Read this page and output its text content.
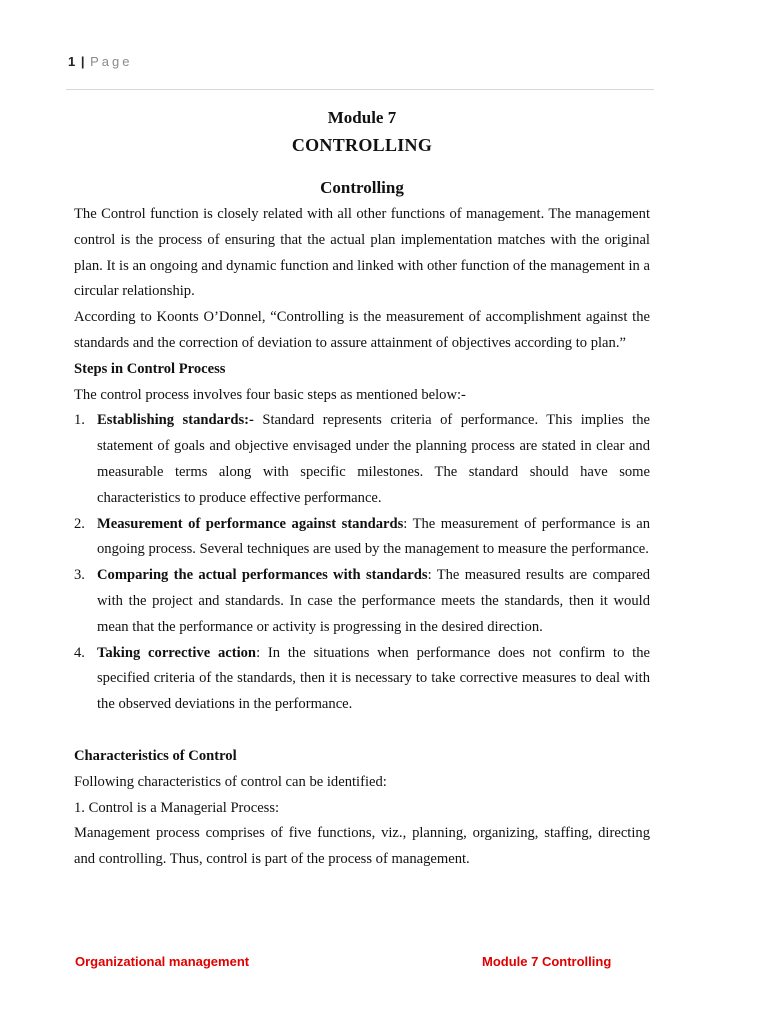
1 | Page
Module 7
CONTROLLING
Controlling

The Control function is closely related with all other functions of management. The management control is the process of ensuring that the actual plan implementation matches with the original plan. It is an ongoing and dynamic function and linked with other function of the management in a circular relationship.

According to Koonts O’Donnel, “Controlling is the measurement of accomplishment against the standards and the correction of deviation to assure attainment of objectives according to plan.”

Steps in Control Process

The control process involves four basic steps as mentioned below:-

1. Establishing standards:- Standard represents criteria of performance. This implies the statement of goals and objective envisaged under the planning process are stated in clear and measurable terms along with specific milestones. The standard should have some characteristics to produce effective performance.
2. Measurement of performance against standards: The measurement of performance is an ongoing process. Several techniques are used by the management to measure the performance.
3. Comparing the actual performances with standards: The measured results are compared with the project and standards. In case the performance meets the standards, then it would mean that the performance or activity is progressing in the desired direction.
4. Taking corrective action: In the situations when performance does not confirm to the specified criteria of the standards, then it is necessary to take corrective measures to deal with the observed deviations in the performance.

Characteristics of Control

Following characteristics of control can be identified:

1. Control is a Managerial Process:

Management process comprises of five functions, viz., planning, organizing, staffing, directing and controlling. Thus, control is part of the process of management.

Organizational management	Module 7 Controlling
